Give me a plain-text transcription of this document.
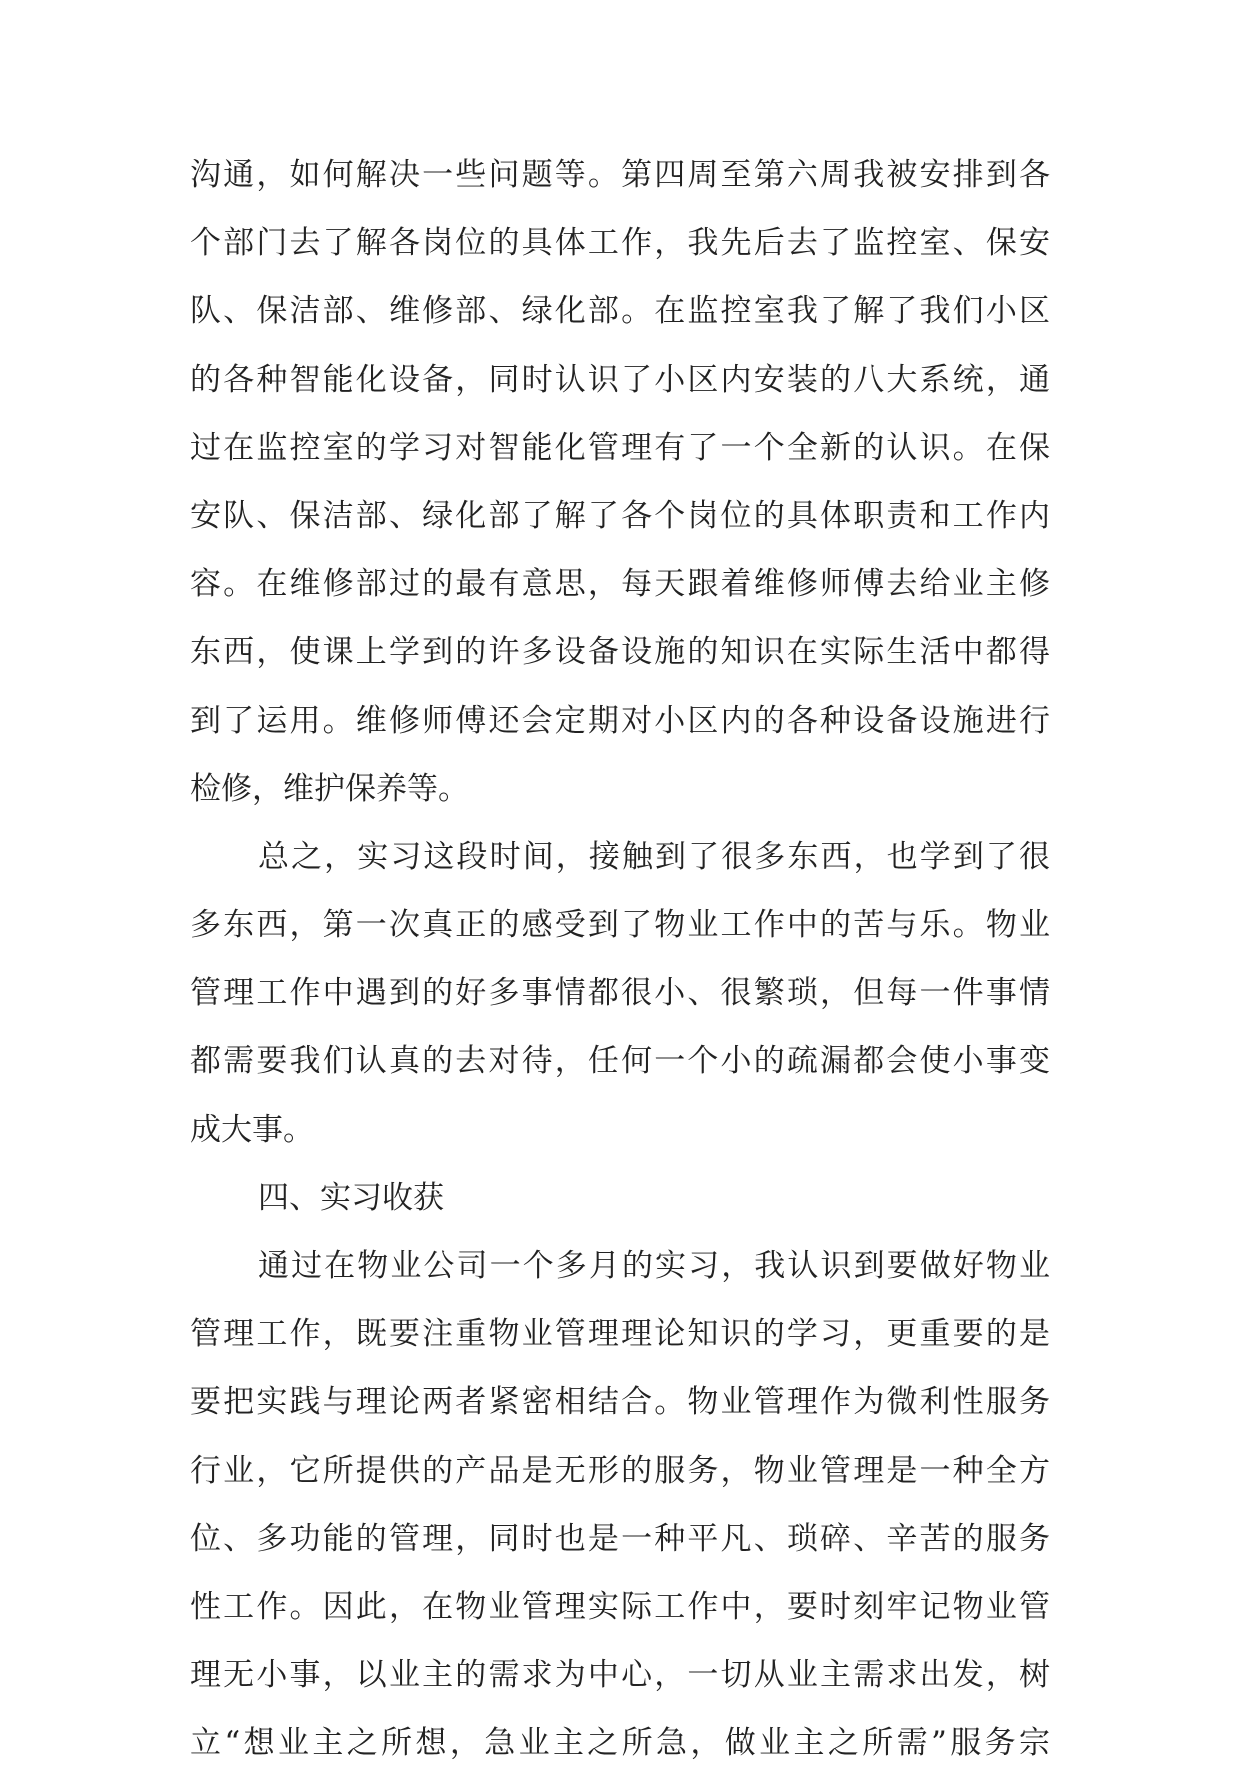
沟通，如何解决一些问题等。第四周至第六周我被安排到各
个部门去了解各岗位的具体工作，我先后去了监控室、保安
队、保洁部、维修部、绿化部。在监控室我了解了我们小区
的各种智能化设备，同时认识了小区内安装的八大系统，通
过在监控室的学习对智能化管理有了一个全新的认识。在保
安队、保洁部、绿化部了解了各个岗位的具体职责和工作内
容。在维修部过的最有意思，每天跟着维修师傅去给业主修
东西，使课上学到的许多设备设施的知识在实际生活中都得
到了运用。维修师傅还会定期对小区内的各种设备设施进行
检修，维护保养等。
总之，实习这段时间，接触到了很多东西，也学到了很
多东西，第一次真正的感受到了物业工作中的苦与乐。物业
管理工作中遇到的好多事情都很小、很繁琐，但每一件事情
都需要我们认真的去对待，任何一个小的疏漏都会使小事变
成大事。
四、实习收获
通过在物业公司一个多月的实习，我认识到要做好物业
管理工作，既要注重物业管理理论知识的学习，更重要的是
要把实践与理论两者紧密相结合。物业管理作为微利性服务
行业，它所提供的产品是无形的服务，物业管理是一种全方
位、多功能的管理，同时也是一种平凡、琐碎、辛苦的服务
性工作。因此，在物业管理实际工作中，要时刻牢记物业管
理无小事，以业主的需求为中心，一切从业主需求出发，树
立“想业主之所想，急业主之所急，做业主之所需”服务宗
